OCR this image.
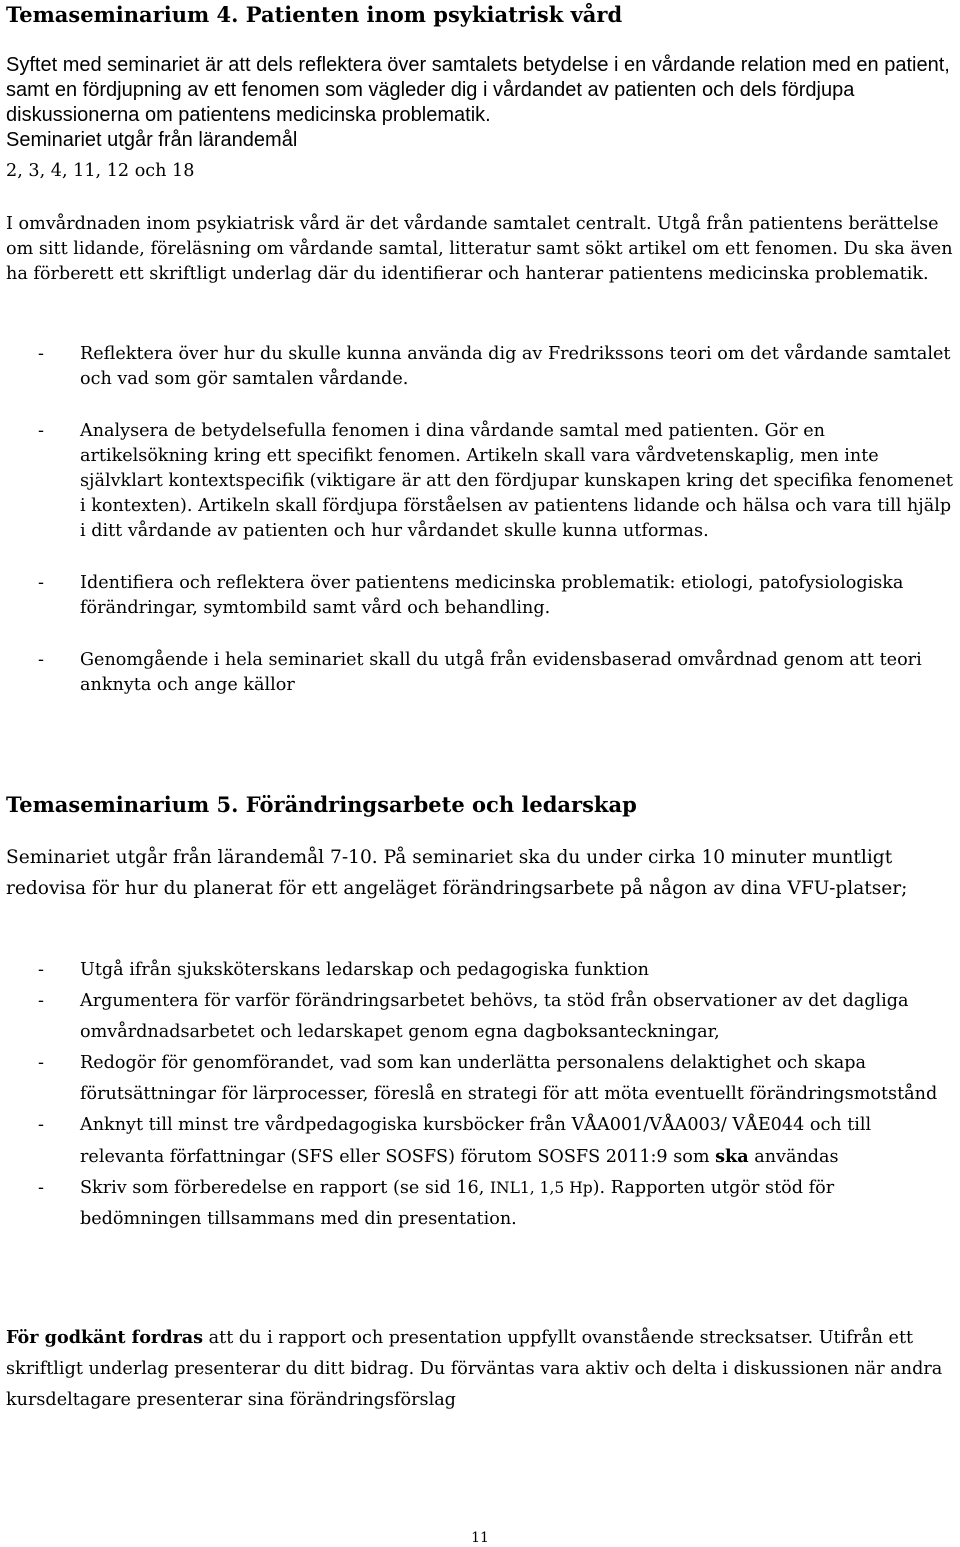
Temaseminarium 4. Patienten inom psykiatrisk vård

Syftet med seminariet är att dels reflektera över samtalets betydelse i en vårdande relation med en patient, samt en fördjupning av ett fenomen som vägleder dig i vårdandet av patienten och dels fördjupa diskussionerna om patientens medicinska problematik.
Seminariet utgår från lärandemål

2, 3, 4, 11, 12 och 18

I omvårdnaden inom psykiatrisk vård är det vårdande samtalet centralt. Utgå från patientens berättelse om sitt lidande, föreläsning om vårdande samtal, litteratur samt sökt artikel om ett fenomen. Du ska även ha förberett ett skriftligt underlag där du identifierar och hanterar patientens medicinska problematik.

- Reflektera över hur du skulle kunna använda dig av Fredrikssons teori om det vårdande samtalet och vad som gör samtalen vårdande.
- Analysera de betydelsefulla fenomen i dina vårdande samtal med patienten. Gör en artikelsökning kring ett specifikt fenomen. Artikeln skall vara vårdvetenskaplig, men inte självklart kontextspecifik (viktigare är att den fördjupar kunskapen kring det specifika fenomenet i kontexten). Artikeln skall fördjupa förståelsen av patientens lidande och hälsa och vara till hjälp i ditt vårdande av patienten och hur vårdandet skulle kunna utformas.
- Identifiera och reflektera över patientens medicinska problematik: etiologi, patofysiologiska förändringar, symtombild samt vård och behandling.
- Genomgående i hela seminariet skall du utgå från evidensbaserad omvårdnad genom att teori anknyta och ange källor
Temaseminarium 5. Förändringsarbete och ledarskap

Seminariet utgår från lärandemål 7-10. På seminariet ska du under cirka 10 minuter muntligt redovisa för hur du planerat för ett angeläget förändringsarbete på någon av dina VFU-platser;

- Utgå ifrån sjuksköterskans ledarskap och pedagogiska funktion
- Argumentera för varför förändringsarbetet behövs, ta stöd från observationer av det dagliga omvårdnadsarbetet och ledarskapet genom egna dagboksanteckningar,
- Redogör för genomförandet, vad som kan underlätta personalens delaktighet och skapa förutsättningar för lärprocesser, föreslå en strategi för att möta eventuellt förändringsmotstånd
- Anknyt till minst tre vårdpedagogiska kursböcker från VÅA001/VÅA003/ VÅE044 och till relevanta författningar (SFS eller SOSFS) förutom SOSFS 2011:9 som ska användas
- Skriv som förberedelse en rapport (se sid 16, INL1, 1,5 Hp). Rapporten utgör stöd för bedömningen tillsammans med din presentation.

För godkänt fordras att du i rapport och presentation uppfyllt ovanstående strecksatser. Utifrån ett skriftligt underlag presenterar du ditt bidrag. Du förväntas vara aktiv och delta i diskussionen när andra kursdeltagare presenterar sina förändringsförslag

11
